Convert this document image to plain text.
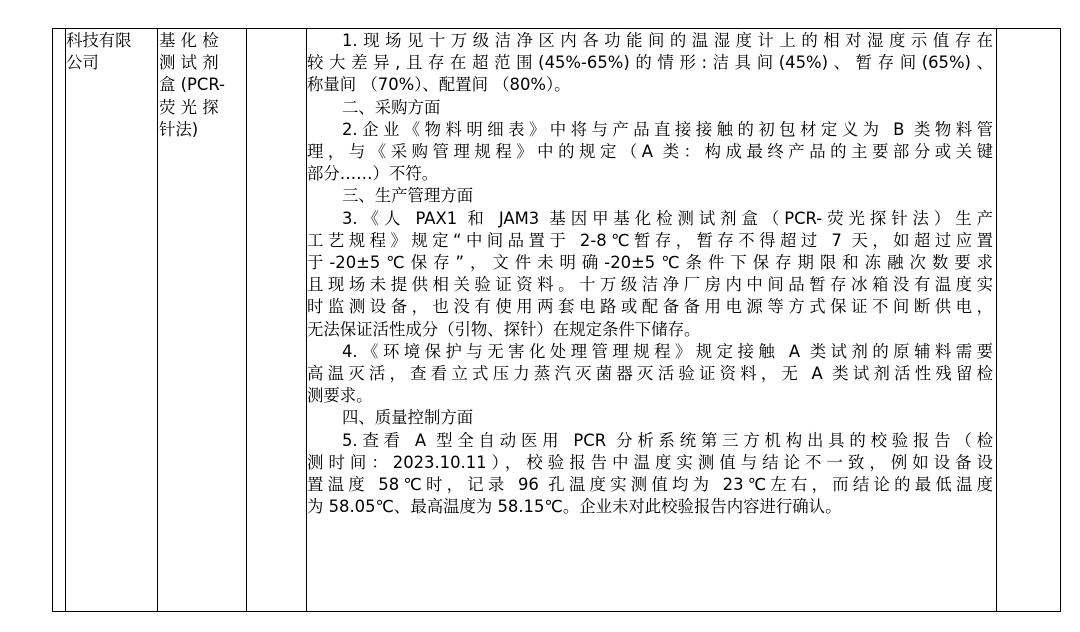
科技有限
公司
基 化 检
测 试 剂
盒 (PCR-
荧 光 探
针法)
1.现场见十万级洁净区内各功能间的温湿度计上的相对湿度示值存在
较大差异,且存在超范围(45%-65%)的情形:洁具间(45%)、暂存间(65%)、
称量间 （70%）、配置间 （80%）。
二、采购方面
2.企业《物料明细表》中将与产品直接接触的初包材定义为 B 类物料管
理，与《采购管理规程》中的规定（A 类：构成最终产品的主要部分或关键
部分……）不符。
三、生产管理方面
3.《人 PAX1 和 JAM3 基因甲基化检测试剂盒（PCR-荧光探针法）生产
工艺规程》规定“中间品置于 2-8℃暂存，暂存不得超过 7 天，如超过应置
于-20±5℃保存”，文件未明确-20±5℃条件下保存期限和冻融次数要求
且现场未提供相关验证资料。十万级洁净厂房内中间品暂存冰箱没有温度实
时监测设备，也没有使用两套电路或配备备用电源等方式保证不间断供电，
无法保证活性成分（引物、探针）在规定条件下储存。
4.《环境保护与无害化处理管理规程》规定接触 A 类试剂的原辅料需要
高温灭活，查看立式压力蒸汽灭菌器灭活验证资料，无 A 类试剂活性残留检
测要求。
四、质量控制方面
5.查看 A 型全自动医用 PCR 分析系统第三方机构出具的校验报告（检
测时间：2023.10.11），校验报告中温度实测值与结论不一致，例如设备设
置温度 58℃时，记录 96 孔温度实测值均为 23℃左右，而结论的最低温度
为 58.05℃、最高温度为 58.15℃。企业未对此校验报告内容进行确认。
